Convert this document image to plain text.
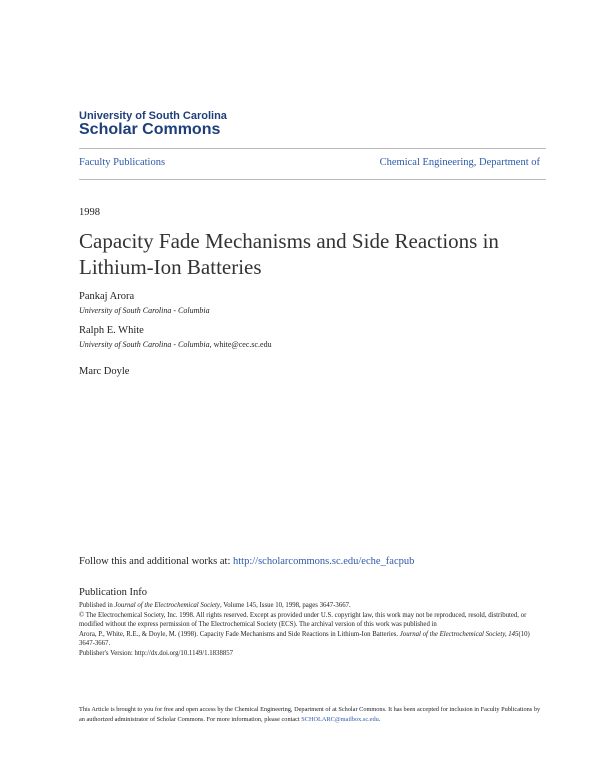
University of South Carolina
Scholar Commons
Faculty Publications	Chemical Engineering, Department of
1998
Capacity Fade Mechanisms and Side Reactions in Lithium-Ion Batteries
Pankaj Arora
University of South Carolina - Columbia
Ralph E. White
University of South Carolina - Columbia, white@cec.sc.edu
Marc Doyle
Follow this and additional works at: http://scholarcommons.sc.edu/eche_facpub
Publication Info

Published in Journal of the Electrochemical Society, Volume 145, Issue 10, 1998, pages 3647-3667.

© The Electrochemical Society, Inc. 1998. All rights reserved. Except as provided under U.S. copyright law, this work may not be reproduced, resold, distributed, or modified without the express permission of The Electrochemical Society (ECS). The archival version of this work was published in

Arora, P., White, R.E., & Doyle, M. (1998). Capacity Fade Mechanisms and Side Reactions in Lithium-Ion Batteries. Journal of the Electrochemical Society, 145(10) 3647-3667.

Publisher's Version: http://dx.doi.org/10.1149/1.1838857

This Article is brought to you for free and open access by the Chemical Engineering, Department of at Scholar Commons. It has been accepted for inclusion in Faculty Publications by an authorized administrator of Scholar Commons. For more information, please contact SCHOLARC@mailbox.sc.edu.
